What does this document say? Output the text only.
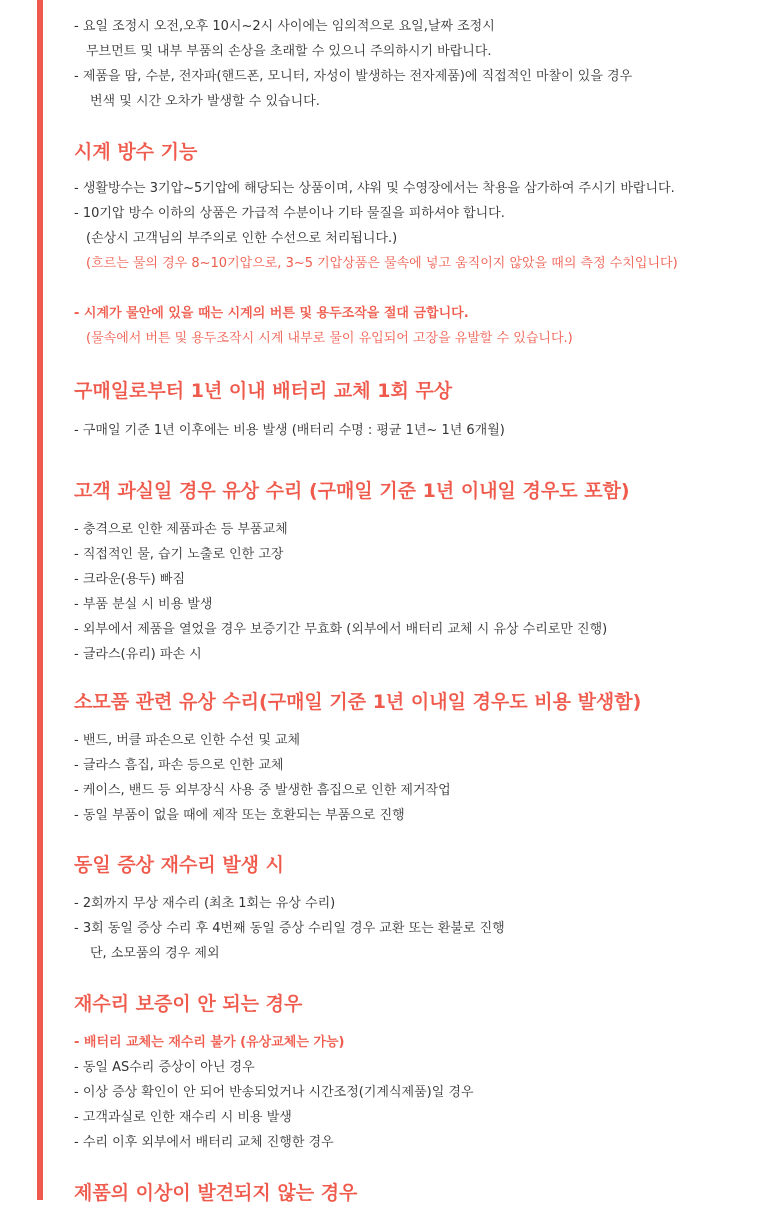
- 요일 조정시 오전,오후 10시~2시 사이에는 임의적으로 요일,날짜 조정시
무브먼트 및 내부 부품의 손상을 초래할 수 있으니 주의하시기 바랍니다.
- 제품을 땀, 수분, 전자파(핸드폰, 모니터, 자성이 발생하는 전자제품)에 직접적인 마찰이 있을 경우
번색 및 시간 오차가 발생할 수 있습니다.
시계 방수 기능
- 생활방수는 3기압~5기압에 해당되는 상품이며, 샤워 및 수영장에서는 착용을 삼가하여 주시기 바랍니다.
- 10기압 방수 이하의 상품은 가급적 수분이나 기타 물질을 피하셔야 합니다.
(손상시 고객님의 부주의로 인한 수선으로 처리됩니다.)
(흐르는 물의 경우 8~10기압으로, 3~5 기압상품은 물속에 넣고 움직이지 않았을 때의 측정 수치입니다)
- 시계가 물안에 있을 때는 시계의 버튼 및 용두조작을 절대 금합니다.
(물속에서 버튼 및 용두조작시 시계 내부로 물이 유입되어 고장을 유발할 수 있습니다.)
구매일로부터 1년 이내 배터리 교체 1회 무상
- 구매일 기준 1년 이후에는 비용 발생 (배터리 수명 : 평균 1년~ 1년 6개월)
고객 과실일 경우 유상 수리 (구매일 기준 1년 이내일 경우도 포함)
- 충격으로 인한 제품파손 등 부품교체
- 직접적인 물, 습기 노출로 인한 고장
- 크라운(용두) 빠짐
- 부품 분실 시 비용 발생
- 외부에서 제품을 열었을 경우 보증기간 무효화 (외부에서 배터리 교체 시 유상 수리로만 진행)
- 글라스(유리) 파손 시
소모품 관련 유상 수리(구매일 기준 1년 이내일 경우도 비용 발생함)
- 밴드, 버클 파손으로 인한 수선 및 교체
- 글라스 흠집, 파손 등으로 인한 교체
- 케이스, 밴드 등 외부장식 사용 중 발생한 흠집으로 인한 제거작업
- 동일 부품이 없을 때에 제작 또는 호환되는 부품으로 진행
동일 증상 재수리 발생 시
- 2회까지 무상 재수리 (최초 1회는 유상 수리)
- 3회 동일 증상 수리 후 4번째 동일 증상 수리일 경우 교환 또는 환불로 진행
단, 소모품의 경우 제외
재수리 보증이 안 되는 경우
- 배터리 교체는 재수리 불가 (유상교체는 가능)
- 동일 AS수리 증상이 아닌 경우
- 이상 증상 확인이 안 되어 반송되었거나 시간조정(기계식제품)일 경우
- 고객과실로 인한 재수리 시 비용 발생
- 수리 이후 외부에서 배터리 교체 진행한 경우
제품의 이상이 발견되지 않는 경우
